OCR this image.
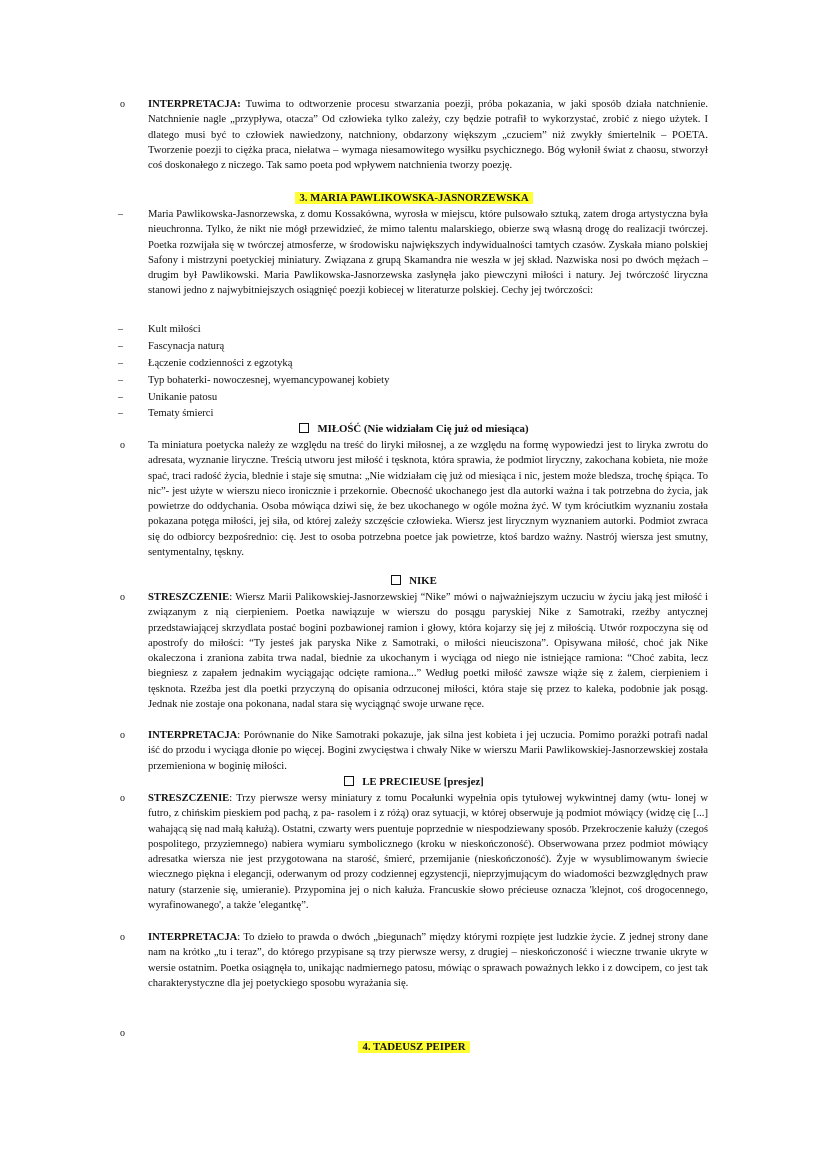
o INTERPRETACJA: Tuwima to odtworzenie procesu stwarzania poezji, próba pokazania, w jaki sposób działa natchnienie. Natchnienie nagle „przypływa, otacza” Od człowieka tylko zależy, czy będzie potrafił to wykorzystać, zrobić z niego użytek. I dlatego musi być to człowiek nawiedzony, natchniony, obdarzony większym „czuciem” niż zwykły śmiertelnik – POETA. Tworzenie poezji to ciężka praca, niełatwa – wymaga niesamowitego wysiłku psychicznego. Bóg wyłonił świat z chaosu, stworzył coś doskonałego z niczego. Tak samo poeta pod wpływem natchnienia tworzy poezję.
3. MARIA PAWLIKOWSKA-JASNORZEWSKA
– Maria Pawlikowska-Jasnorzewska, z domu Kossakówna, wyrosła w miejscu, które pulsowało sztuką, zatem droga artystyczna była nieuchronna. Tylko, że nikt nie mógł przewidzieć, że mimo talentu malarskiego, obierze swą własną drogę do realizacji twórczej. Poetka rozwijała się w twórczej atmosferze, w środowisku największych indywidualności tamtych czasów. Zyskała miano polskiej Safony i mistrzyni poetyckiej miniatury. Związana z grupą Skamandra nie weszła w jej skład. Nazwiska nosi po dwóch mężach – drugim był Pawlikowski. Maria Pawlikowska-Jasnorzewska zasłynęła jako piewczyni miłości i natury. Jej twórczość liryczna stanowi jedno z najwybitniejszych osiągnięć poezji kobiecej w literaturze polskiej. Cechy jej twórczości:
– Kult miłości
– Fascynacja naturą
– Łączenie codzienności z egzotyką
– Typ bohaterki- nowoczesnej, wyemancypowanej kobiety
– Unikanie patosu
– Tematy śmierci
MIŁOŚĆ (Nie widziałam Cię już od miesiąca)
o Ta miniatura poetycka należy ze względu na treść do liryki miłosnej, a ze względu na formę wypowiedzi jest to liryka zwrotu do adresata, wyznanie liryczne. Treścią utworu jest miłość i tęsknota, która sprawia, że podmiot liryczny, zakochana kobieta, nie może spać, traci radość życia, blednie i staje się smutna: „Nie widziałam cię już od miesiąca i nic, jestem może bledsza, trochę śpiąca. To nic”- jest użyte w wierszu nieco ironicznie i przekornie. Obecność ukochanego jest dla autorki ważna i tak potrzebna do życia, jak powietrze do oddychania. Osoba mówiąca dziwi się, że bez ukochanego w ogóle można żyć. W tym króciutkim wyznaniu została pokazana potęga miłości, jej siła, od której zależy szczęście człowieka. Wiersz jest lirycznym wyznaniem autorki. Podmiot zwraca się do odbiorcy bezpośrednio: cię. Jest to osoba potrzebna poetce jak powietrze, ktoś bardzo ważny. Nastrój wiersza jest smutny, sentymentalny, tęskny.
NIKE
o STRESZCZENIE: Wiersz Marii Palikowskiej-Jasnorzewskiej “Nike” mówi o najważniejszym uczuciu w życiu jaką jest miłość i związanym z nią cierpieniem. Poetka nawiązuje w wierszu do posągu paryskiej Nike z Samotraki, rzeźby antycznej przedstawiającej skrzydlata postać bogini pozbawionej ramion i głowy, która kojarzy się jej z miłością. Utwór rozpoczyna się od apostrofy do miłości: “Ty jesteś jak paryska Nike z Samotraki, o miłości nieuciszona”. Opisywana miłość, choć jak Nike okaleczona i zraniona zabita trwa nadal, biednie za ukochanym i wyciąga od niego nie istniejące ramiona: “Choć zabita, lecz biegniesz z zapałem jednakim wyciągając odcięte ramiona...” Według poetki miłość zawsze wiąże się z żalem, cierpieniem i tęsknota. Rzeźba jest dla poetki przyczyną do opisania odrzuconej miłości, która staje się przez to kaleka, podobnie jak posąg. Jednak nie zostaje ona pokonana, nadal stara się wyciągnąć swoje urwane ręce.
o INTERPRETACJA: Porównanie do Nike Samotraki pokazuje, jak silna jest kobieta i jej uczucia. Pomimo porażki potrafi nadal iść do przodu i wyciąga dłonie po więcej. Bogini zwycięstwa i chwały Nike w wierszu Marii Pawlikowskiej-Jasnorzewskiej została przemieniona w boginię miłości.
LE PRECIEUSE [presjez]
o STRESZCZENIE: Trzy pierwsze wersy miniatury z tomu Pocałunki wypełnia opis tytułowej wykwintnej damy (wtu- lonej w futro, z chińskim pieskiem pod pachą, z pa- rasolem i z różą) oraz sytuacji, w której obserwuje ją podmiot mówiący (widzę cię [...] wahającą się nad małą kałużą). Ostatni, czwarty wers puentuje poprzednie w niespodziewany sposób. Przekroczenie kałuży (czegoś pospolitego, przyziemnego) nabiera wymiaru symbolicznego (kroku w nieskończoność). Obserwowana przez podmiot mówiący adresatka wiersza nie jest przygotowana na starość, śmierć, przemijanie (nieskończoność). Żyje w wysublimowanym świecie wiecznego piękna i elegancji, oderwanym od prozy codziennej egzystencji, nieprzyjmującym do wiadomości bezwzględnych praw natury (starzenie się, umieranie). Przypomina jej o nich kałuża. Francuskie słowo précieuse oznacza 'klejnot, coś drogocennego, wyrafinowanego', a także 'elegantkę”.
o INTERPRETACJA: To dzieło to prawda o dwóch „biegunach” między którymi rozpięte jest ludzkie życie. Z jednej strony dane nam na krótko „tu i teraz”, do którego przypisane są trzy pierwsze wersy, z drugiej – nieskończoność i wieczne trwanie ukryte w wersie ostatnim. Poetka osiągnęła to, unikając nadmiernego patosu, mówiąc o sprawach poważnych lekko i z dowcipem, co jest tak charakterystyczne dla jej poetyckiego sposobu wyrażania się.
o
4. TADEUSZ PEIPER
